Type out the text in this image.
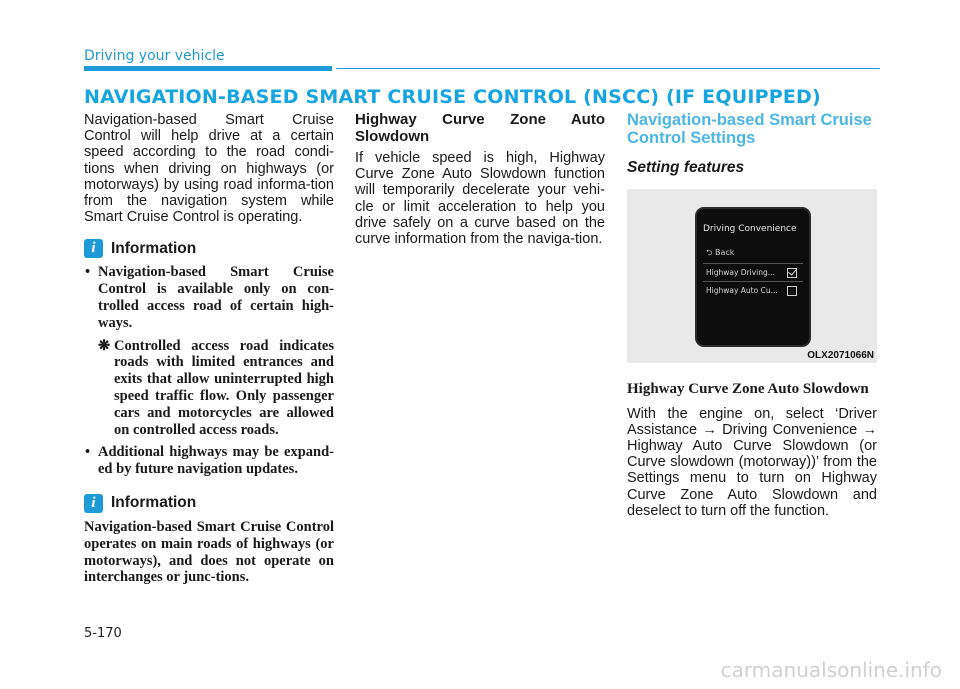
Driving your vehicle
NAVIGATION-BASED SMART CRUISE CONTROL (NSCC) (IF EQUIPPED)

Navigation-based Smart Cruise Control will help drive at a certain speed according to the road condi-tions when driving on highways (or motorways) by using road informa-tion from the navigation system while Smart Cruise Control is operating.

i Information
• Navigation-based Smart Cruise Control is available only on con-trolled access road of certain high-ways.
❋ Controlled access road indicates roads with limited entrances and exits that allow uninterrupted high speed traffic flow. Only passenger cars and motorcycles are allowed on controlled access roads.
• Additional highways may be expand-ed by future navigation updates.
i Information

Navigation-based Smart Cruise Control operates on main roads of highways (or motorways), and does not operate on interchanges or junc-tions.

Highway Curve Zone Auto Slowdown

If vehicle speed is high, Highway Curve Zone Auto Slowdown function will temporarily decelerate your vehi-cle or limit acceleration to help you drive safely on a curve based on the curve information from the naviga-tion.

Navigation-based Smart Cruise Control Settings

Setting features

Driving Convenience
⮌ Back
Highway Driving...
Highway Auto Cu...
OLX2071066N

Highway Curve Zone Auto Slowdown

With the engine on, select ‘Driver Assistance → Driving Convenience → Highway Auto Curve Slowdown (or Curve slowdown (motorway))’ from the Settings menu to turn on Highway Curve Zone Auto Slowdown and deselect to turn off the function.

5-170
carmanualsonline.info
